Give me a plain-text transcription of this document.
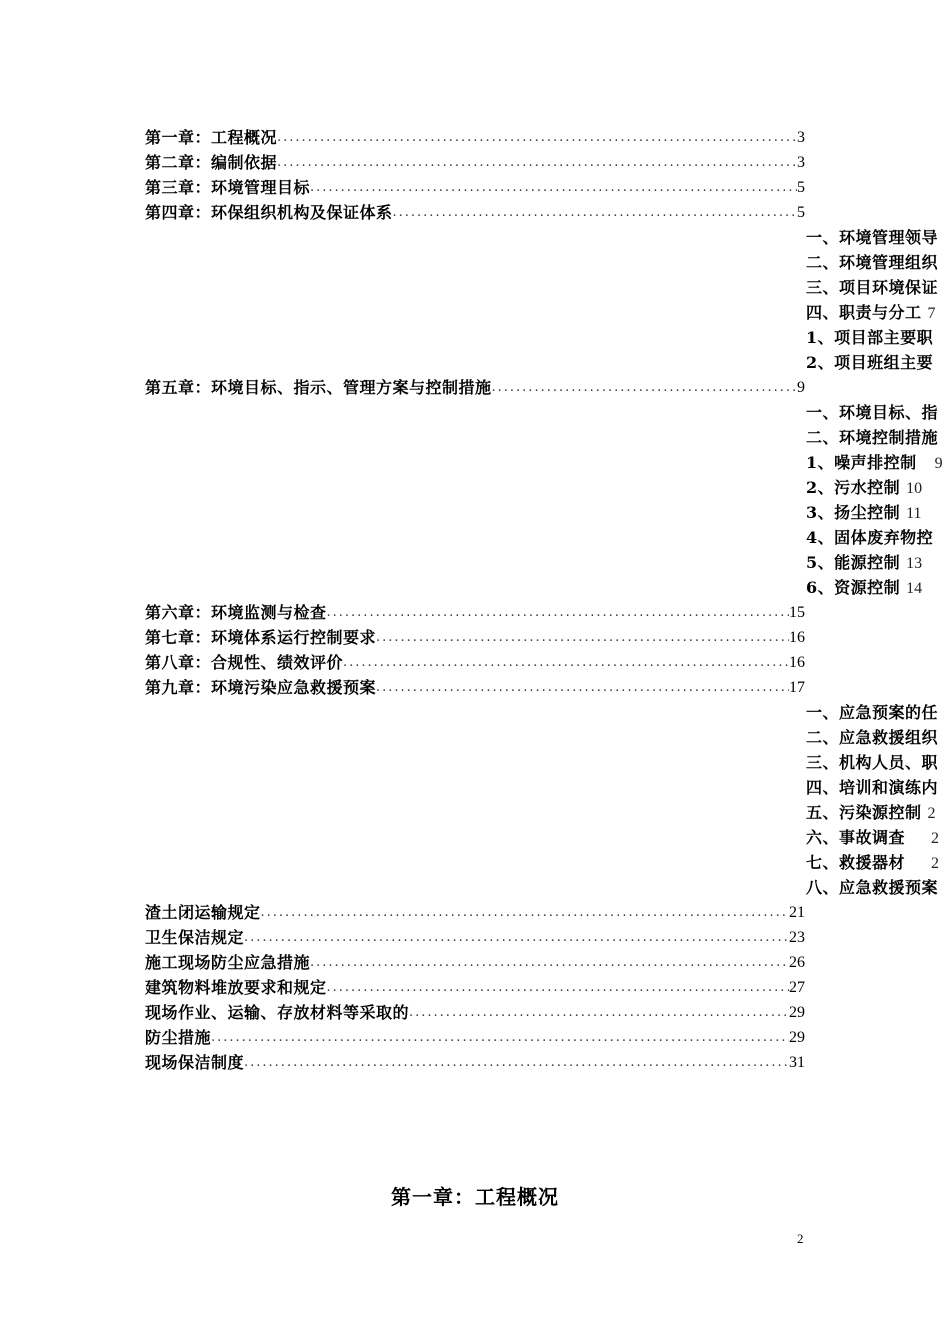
第一章：工程概况 .....	3
第二章：编制依据 .....	3
第三章：环境管理目标 .....	5
第四章：环保组织机构及保证体系 .....	5
一、环境管理领导
二、环境管理组织
三、项目环境保证
四、职责与分工 7
1、项目部主要职
2、项目班组主要
第五章：环境目标、指示、管理方案与控制措施 .....	9
一、环境目标、指
二、环境控制措施
1、噪声排控制 9
2、污水控制 10
3、扬尘控制 11
4、固体废弃物控
5、能源控制 13
6、资源控制 14
第六章：环境监测与检查 .....	15
第七章：环境体系运行控制要求 .....	16
第八章：合规性、绩效评价 .....	16
第九章：环境污染应急救援预案 .....	17
一、应急预案的任
二、应急救援组织
三、机构人员、职
四、培训和演练内
五、污染源控制 2
六、事故调查 2
七、救援器材 2
八、应急救援预案
渣土闭运输规定 .....	21
卫生保洁规定 .....	23
施工现场防尘应急措施 .....	26
建筑物料堆放要求和规定 .....	27
现场作业、运输、存放材料等采取的 .....	29
防尘措施 .....	29
现场保洁制度 .....	31
第一章：工程概况
2
